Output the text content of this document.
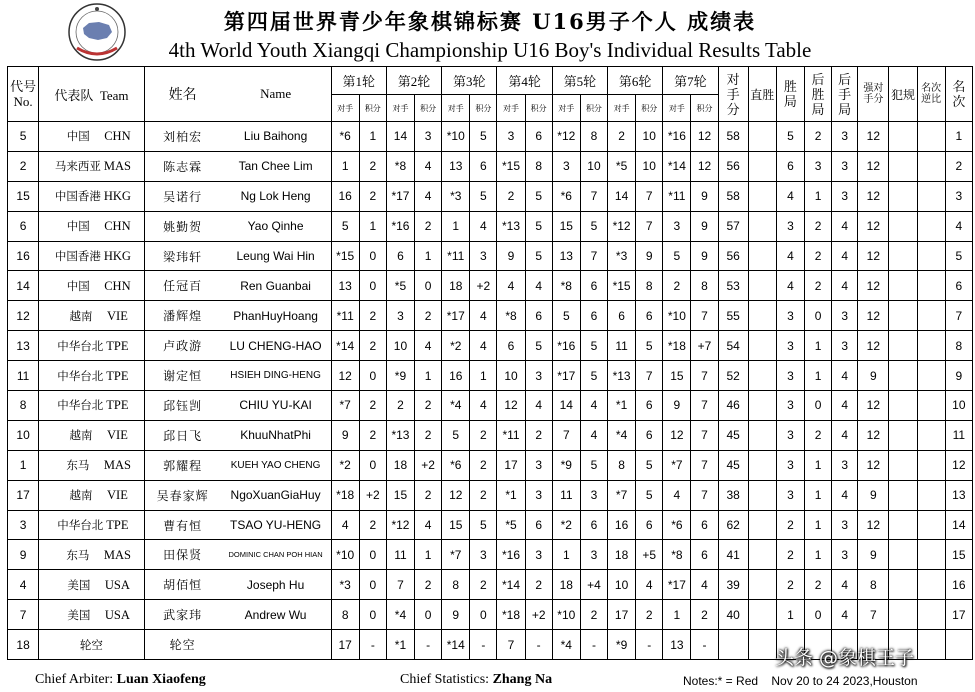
第四届世界青少年象棋锦标赛 U16男子个人 成绩表
4th World Youth Xiangqi Championship U16 Boy's Individual Results Table
代号
No.	代表队 Team	姓名	Name	第1轮		第2轮		第3轮		第4轮		第5轮		第6轮		第7轮		对手分	直胜	胜局	后胜局	后手局	强对手分	犯规	名次逆比	名次

				对手	积分	对手	积分	对手	积分	对手	积分	对手	积分	对手	积分	对手	积分									
5	中国 CHN	刘柏宏	Liu Baihong	*6	1	14	3	*10	5	3	6	*12	8	2	10	*16	12	58		5	2	3	12			1
2	马来西亚 MAS	陈志霖	Tan Chee Lim	1	2	*8	4	13	6	*15	8	3	10	*5	10	*14	12	56		6	3	3	12			2
15	中国香港 HKG	吴诺行	Ng Lok Heng	16	2	*17	4	*3	5	2	5	*6	7	14	7	*11	9	58		4	1	3	12			3
6	中国 CHN	姚勤贺	Yao Qinhe	5	1	*16	2	1	4	*13	5	15	5	*12	7	3	9	57		3	2	4	12			4
16	中国香港 HKG	梁玮轩	Leung Wai Hin	*15	0	6	1	*11	3	9	5	13	7	*3	9	5	9	56		4	2	4	12			5
14	中国 CHN	任冠百	Ren Guanbai	13	0	*5	0	18	+2	4	4	*8	6	*15	8	2	8	53		4	2	4	12			6
12	越南 VIE	潘辉煌	PhanHuyHoang	*11	2	3	2	*17	4	*8	6	5	6	6	6	*10	7	55		3	0	3	12			7
13	中华台北 TPE	卢政游	LU CHENG-HAO	*14	2	10	4	*2	4	6	5	*16	5	11	5	*18	+7	54		3	1	3	12			8
11	中华台北 TPE	谢定恒	HSIEH DING-HENG	12	0	*9	1	16	1	10	3	*17	5	*13	7	15	7	52		3	1	4	9			9
8	中华台北 TPE	邱钰剀	CHIU YU-KAI	*7	2	2	2	*4	4	12	4	14	4	*1	6	9	7	46		3	0	4	12			10
10	越南 VIE	邱日飞	KhuuNhatPhi	9	2	*13	2	5	2	*11	2	7	4	*4	6	12	7	45		3	2	4	12			11
1	东马 MAS	郭耀程	KUEH YAO CHENG	*2	0	18	+2	*6	2	17	3	*9	5	8	5	*7	7	45		3	1	3	12			12
17	越南 VIE	吴春家辉	NgoXuanGiaHuy	*18	+2	15	2	12	2	*1	3	11	3	*7	5	4	7	38		3	1	4	9			13
3	中华台北 TPE	曹有恒	TSAO YU-HENG	4	2	*12	4	15	5	*5	6	*2	6	16	6	*6	6	62		2	1	3	12			14
9	东马 MAS	田保贤	DOMINIC CHAN POH HIAN	*10	0	11	1	*7	3	*16	3	1	3	18	+5	*8	6	41		2	1	3	9			15
4	美国 USA	胡佰恒	Joseph Hu	*3	0	7	2	8	2	*14	2	18	+4	10	4	*17	4	39		2	2	4	8			16
7	美国 USA	武家玮	Andrew Wu	8	0	*4	0	9	0	*18	+2	*10	2	17	2	1	2	40		1	0	4	7			17
18	轮空	轮空		17	-	*1	-	*14	-	7	-	*4	-	*9	-	13	-									
Chief Arbiter: Luan Xiaofeng	Chief Statistics: Zhang Na	Notes:* = Red Nov 20 to 24 2023,Houston
头条 @象棋王子
